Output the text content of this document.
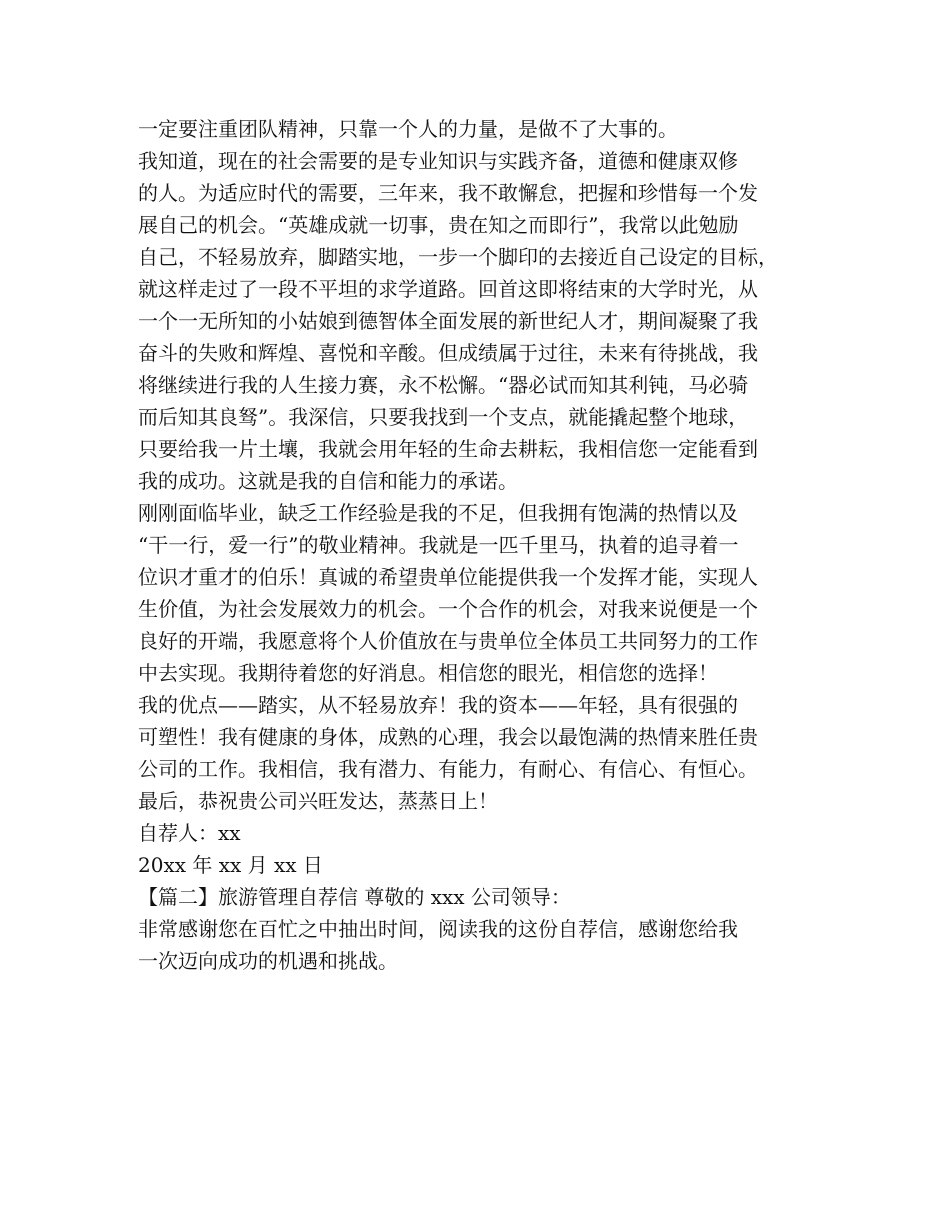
一定要注重团队精神，只靠一个人的力量，是做不了大事的。
我知道，现在的社会需要的是专业知识与实践齐备，道德和健康双修
的人。为适应时代的需要，三年来，我不敢懈怠，把握和珍惜每一个发
展自己的机会。“英雄成就一切事，贵在知之而即行”，我常以此勉励
自己，不轻易放弃，脚踏实地，一步一个脚印的去接近自己设定的目标，
就这样走过了一段不平坦的求学道路。回首这即将结束的大学时光，从
一个一无所知的小姑娘到德智体全面发展的新世纪人才，期间凝聚了我
奋斗的失败和辉煌、喜悦和辛酸。但成绩属于过往，未来有待挑战，我
将继续进行我的人生接力赛，永不松懈。“器必试而知其利钝，马必骑
而后知其良驽”。我深信，只要我找到一个支点，就能撬起整个地球，
只要给我一片土壤，我就会用年轻的生命去耕耘，我相信您一定能看到
我的成功。这就是我的自信和能力的承诺。
刚刚面临毕业，缺乏工作经验是我的不足，但我拥有饱满的热情以及
“干一行，爱一行”的敬业精神。我就是一匹千里马，执着的追寻着一
位识才重才的伯乐！真诚的希望贵单位能提供我一个发挥才能，实现人
生价值，为社会发展效力的机会。一个合作的机会，对我来说便是一个
良好的开端，我愿意将个人价值放在与贵单位全体员工共同努力的工作
中去实现。我期待着您的好消息。相信您的眼光，相信您的选择！
我的优点——踏实，从不轻易放弃！我的资本——年轻，具有很强的
可塑性！我有健康的身体，成熟的心理，我会以最饱满的热情来胜任贵
公司的工作。我相信，我有潜力、有能力，有耐心、有信心、有恒心。
最后，恭祝贵公司兴旺发达，蒸蒸日上！
自荐人：xx
20xx 年 xx 月 xx 日
【篇二】旅游管理自荐信 尊敬的 xxx 公司领导：
非常感谢您在百忙之中抽出时间，阅读我的这份自荐信，感谢您给我
一次迈向成功的机遇和挑战。
